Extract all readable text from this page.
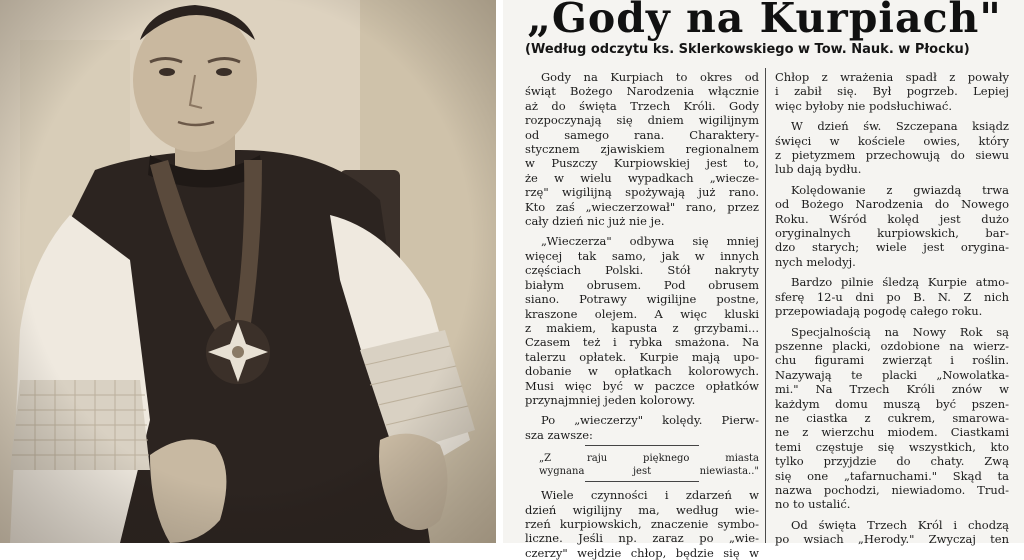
„Gody na Kurpiach"
(Według odczytu ks. Sklerkowskiego w Tow. Nauk. w Płocku)
Gody na Kurpiach to okres od
świąt Bożego Narodzenia włącznie
aż do święta Trzech Króli. Gody
rozpoczynają się dniem wigilijnym
od samego rana. Charaktery-
stycznem zjawiskiem regionalnem
w Puszczy Kurpiowskiej jest to,
że w wielu wypadkach „wiecze-
rzę" wigilijną spożywają już rano.
Kto zaś „wieczerzował" rano, przez
cały dzień nic już nie je.
„Wieczerza" odbywa się mniej
więcej tak samo, jak w innych
częściach Polski. Stół nakryty
białym obrusem. Pod obrusem
siano. Potrawy wigilijne postne,
kraszone olejem. A więc kluski
z makiem, kapusta z grzybami...
Czasem też i rybka smażona. Na
talerzu opłatek. Kurpie mają upo-
dobanie w opłatkach kolorowych.
Musi więc być w paczce opłatków
przynajmniej jeden kolorowy.
Po „wieczerzy" kolędy. Pierw-
sza zawsze:
„Z raju pięknego miasta
wygnana jest niewiasta.."
Wiele czynności i zdarzeń w
dzień wigilijny ma, według wie-
rzeń kurpiowskich, znaczenie symbo-
liczne. Jeśli np. zaraz po „wie-
czerzy" wejdzie chłop, będzie się w
Chłop z wrażenia spadł z powały
i zabił się. Był pogrzeb. Lepiej
więc byłoby nie podsłuchiwać.
W dzień św. Szczepana ksiądz
święci w kościele owies, który
z pietyzmem przechowują do siewu
lub dają bydłu.
Kolędowanie z gwiazdą trwa
od Bożego Narodzenia do Nowego
Roku. Wśród kolęd jest dużo
oryginalnych kurpiowskich, bar-
dzo starych; wiele jest orygina-
nych melodyj.
Bardzo pilnie śledzą Kurpie atmo-
sferę 12-u dni po B. N. Z nich
przepowiadają pogodę całego roku.
Specjalnością na Nowy Rok są
pszenne placki, ozdobione na wierz-
chu figurami zwierząt i roślin.
Nazywają te placki „Nowolatka-
mi." Na Trzech Króli znów w
każdym domu muszą być pszen-
ne ciastka z cukrem, smarowa-
ne z wierzchu miodem. Ciastkami
temi częstuje się wszystkich, kto
tylko przyjdzie do chaty. Zwą
się one „tafarnuchami." Skąd ta
nazwa pochodzi, niewiadomo. Trud-
no to ustalić.
Od święta Trzech Król i chodzą
po wsiach „Herody." Zwyczaj ten
